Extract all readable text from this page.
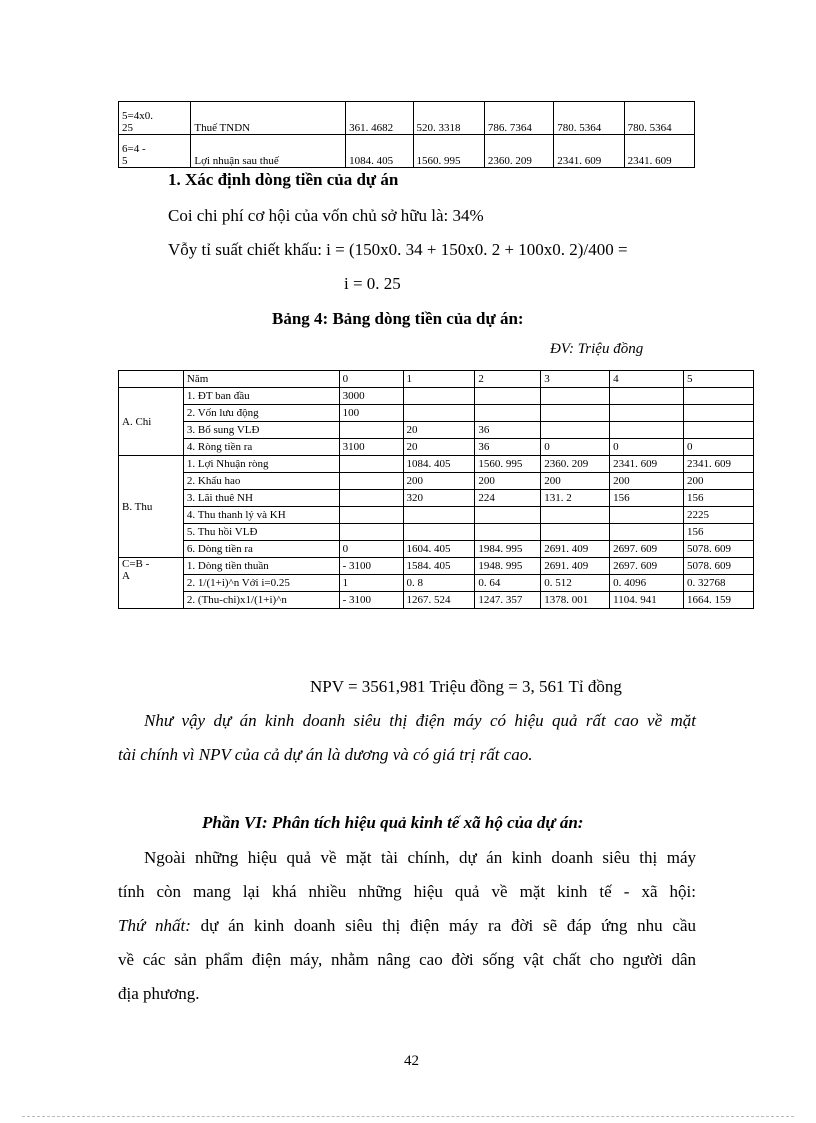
5=4x0.
25	Thuế TNDN	361. 4682	520. 3318	786. 7364	780. 5364	780. 5364
6=4 -
5	Lợi nhuận sau thuế	1084. 405	1560. 995	2360. 209	2341. 609	2341. 609
1. Xác định dòng tiền của dự án
Coi chi phí cơ hội của vốn chủ sở hữu là: 34%
Vỗy tỉ suất chiết khấu: i = (150x0. 34 + 150x0. 2 + 100x0. 2)/400 =
i = 0. 25
Bảng 4: Bảng dòng tiền của dự án:
ĐV: Triệu đồng
	Năm	0	1	2	3	4	5
A. Chi	1. ĐT ban đầu	3000					
	2. Vốn lưu động	100					
	3. Bổ sung VLĐ		20	36			
	4. Ròng tiền ra	3100	20	36	0	0	0
B. Thu	1. Lợi Nhuận ròng		1084. 405	1560. 995	2360. 209	2341. 609	2341. 609
	2. Khấu hao		200	200	200	200	200
	3. Lãi thuê NH		320	224	131. 2	156	156
	4. Thu thanh lý và KH						2225
	5. Thu hồi VLĐ						156
	6. Dòng tiền ra	0	1604. 405	1984. 995	2691. 409	2697. 609	5078. 609
C=B -
A	1. Dòng tiền thuần	- 3100	1584. 405	1948. 995	2691. 409	2697. 609	5078. 609
	2. 1/(1+i)^n Với i=0.25	1	0. 8	0. 64	0. 512	0. 4096	0. 32768
	2. (Thu-chi)x1/(1+i)^n	- 3100	1267. 524	1247. 357	1378. 001	1104. 941	1664. 159
NPV = 3561,981 Triệu đồng = 3, 561 Tỉ đồng
Như vậy dự án kinh doanh siêu thị điện máy có hiệu quả rất cao về mặt
tài chính vì NPV của cả dự án là dương và có giá trị rất cao.
Phần VI: Phân tích hiệu quả kinh tế xã hộ của dự án:
Ngoài những hiệu quả về mặt tài chính, dự án kinh doanh siêu thị máy
tính còn mang lại khá nhiều những hiệu quả về mặt kinh tế - xã hội:
Thứ nhất: dự án kinh doanh siêu thị điện máy ra đời sẽ đáp ứng nhu cầu
về các sản phẩm điện máy, nhằm nâng cao đời sống vật chất cho người dân
địa phương.
42
